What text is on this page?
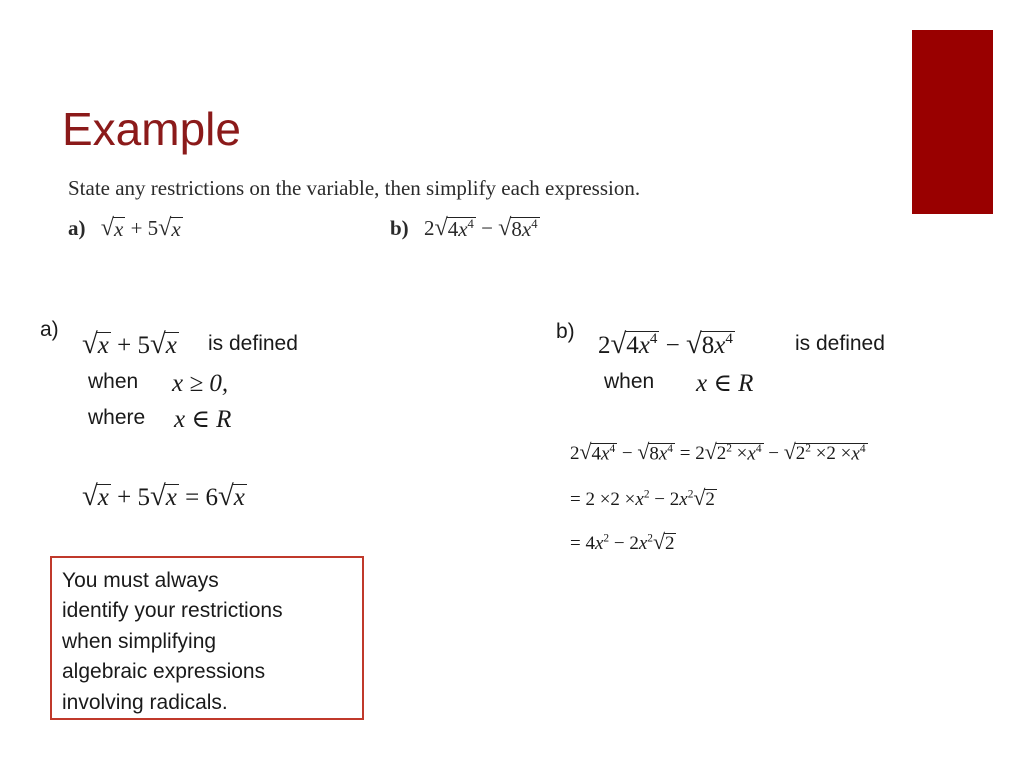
Example
State any restrictions on the variable, then simplify each expression.
a) √ x + 5 √ x	b) 2 √ $4x^4$ − √ $8x^4$
a) √ x + 5 √ x is defined
when x ≥ 0,
where x ∈ R
√ x + 5 √ x = 6 √ x
b)
2 √ $4x^4$ − √ $8x^4$	is defined
when x ∈ R
2 √ $4x^4$ − √ $8x^4 = 2$ √ $2^2 \times x^4$ − √ $2^2 \times 2 \times x^4$
= $2 \times 2 \times x^2 - 2x^2$ √ 2
= $4x^2 - 2x^2$ √ 2
You must always
identify your restrictions
when simplifying
algebraic expressions
involving radicals.
